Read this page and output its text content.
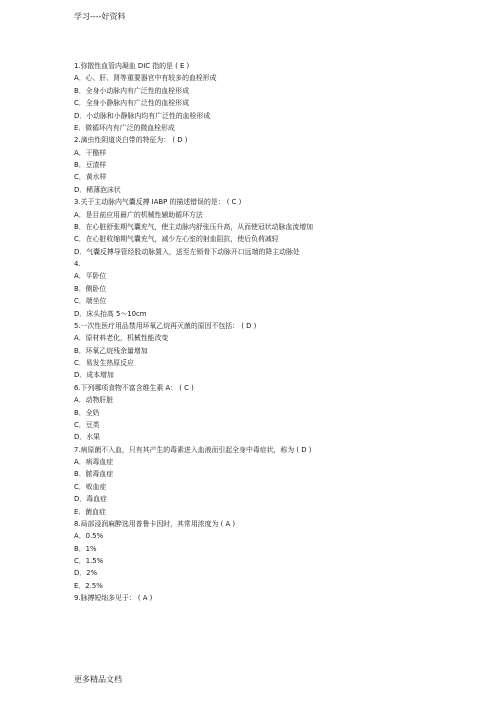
学习----好资料
1.弥散性血管内凝血 DIC 指的是 ( E )
A．心、肝、肾等重要器官中有较多的血栓形成
B．全身小动脉内有广泛性的血栓形成
C．全身小静脉内有广泛性的血栓形成
D．小动脉和小静脉内均有广泛性的血栓形成
E．微循环内有广泛的微血栓形成
2.滴虫性阴道炎白带的特征为： ( D )
A．干酪样
B．豆渣样
C．黄水样
D．稀薄泡沫状
3.关于主动脉内气囊反搏 IABP 的描述错误的是： ( C )
A．是目前应用最广的机械性辅助循环方法
B．在心脏舒张期气囊充气，使主动脉内舒张压升高，从而使冠状动脉血流增加
C．在心脏收缩期气囊充气，减少左心室的射血阻抗，使后负荷减轻
D．气囊反搏导管经股动脉置入，送至左锁骨下动脉开口远端的降主动脉处
4.
A．平卧位
B．侧卧位
C．端坐位
D．床头抬高 5～10cm
5.一次性医疗用品禁用环氧乙烷再灭菌的原因不包括： ( D )
A．原材料老化，机械性能改变
B．环氧乙烷残余量增加
C．易发生热原反应
D．成本增加
6.下列哪项食物不富含维生素 A： ( C )
A．动物肝脏
B．全奶
C．豆类
D．水果
7.病原菌不入血，只有其产生的毒素进入血液而引起全身中毒症状，称为 ( D )
A．病毒血症
B．脓毒血症
C．败血症
D．毒血症
E．菌血症
8.局部浸润麻醉选用普鲁卡因时，其常用浓度为 ( A )
A．0.5%
B．1%
C．1.5%
D．2%
E．2.5%
9.脉搏短绌多见于： ( A )
更多精品文档
